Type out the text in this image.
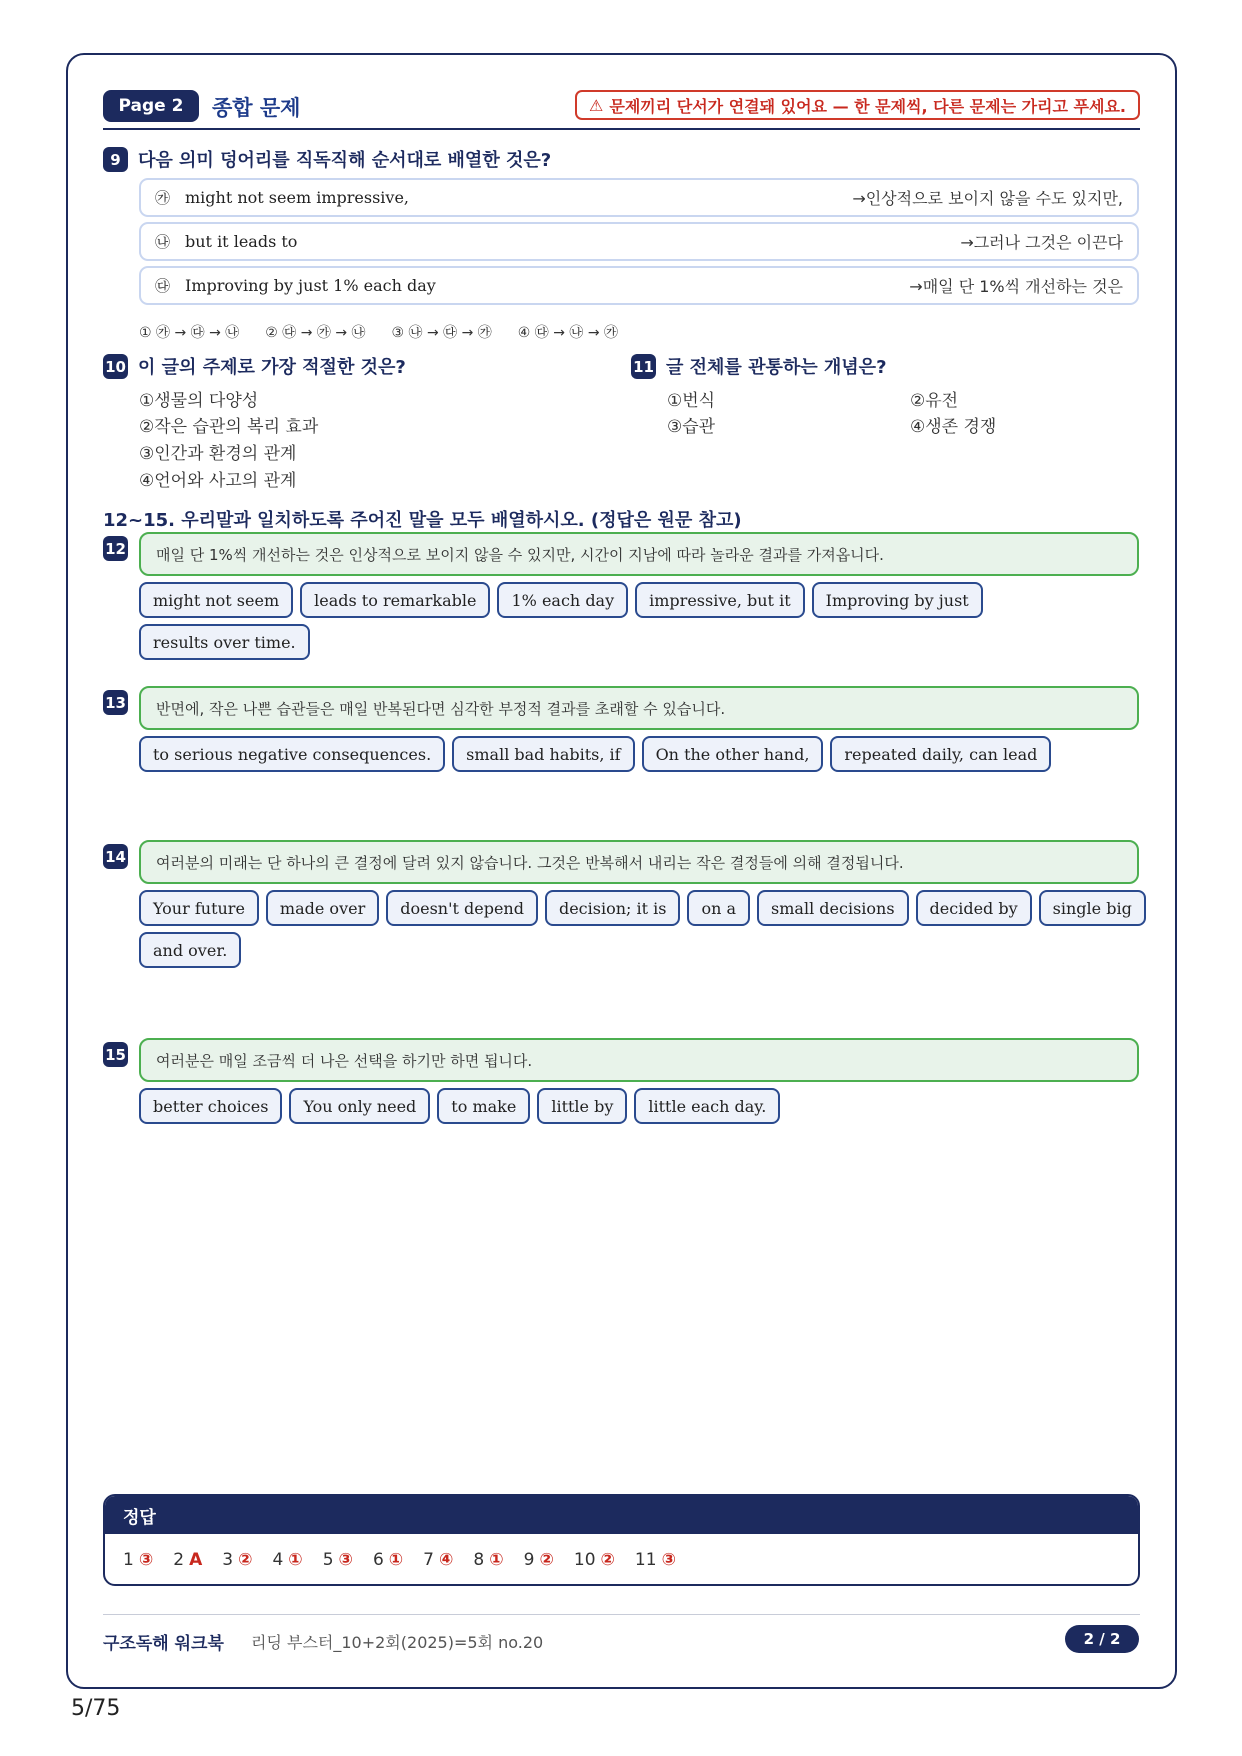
Page 2	종합 문제	⚠ 문제끼리 단서가 연결돼 있어요 — 한 문제씩, 다른 문제는 가리고 푸세요.
9 다음 의미 덩어리를 직독직해 순서대로 배열한 것은?
㉮ might not seem impressive,	→인상적으로 보이지 않을 수도 있지만,
㉯ but it leads to	→그러나 그것은 이끈다
㉰ Improving by just 1% each day	→매일 단 1%씩 개선하는 것은
① ㉮ → ㉰ → ㉯ ② ㉰ → ㉮ → ㉯ ③ ㉯ → ㉰ → ㉮ ④ ㉰ → ㉯ → ㉮
10 이 글의 주제로 가장 적절한 것은?
①생물의 다양성
②작은 습관의 복리 효과
③인간과 환경의 관계
④언어와 사고의 관계
11 글 전체를 관통하는 개념은?
①번식	②유전
③습관	④생존 경쟁
12~15. 우리말과 일치하도록 주어진 말을 모두 배열하시오. (정답은 원문 참고)
12	매일 단 1%씩 개선하는 것은 인상적으로 보이지 않을 수 있지만, 시간이 지남에 따라 놀라운 결과를 가져옵니다.
might not seem	leads to remarkable	1% each day	impressive, but it	Improving by just
results over time.
13	반면에, 작은 나쁜 습관들은 매일 반복된다면 심각한 부정적 결과를 초래할 수 있습니다.
to serious negative consequences.	small bad habits, if	On the other hand,	repeated daily, can lead
14	여러분의 미래는 단 하나의 큰 결정에 달려 있지 않습니다. 그것은 반복해서 내리는 작은 결정들에 의해 결정됩니다.
Your future	made over	doesn't depend	decision; it is	on a	small decisions	decided by	single big
and over.
15	여러분은 매일 조금씩 더 나은 선택을 하기만 하면 됩니다.
better choices	You only need	to make	little by	little each day.
정답
1 ③ 2 A 3 ② 4 ① 5 ③ 6 ① 7 ④ 8 ① 9 ② 10 ② 11 ③
구조독해 워크북 리딩 부스터_10+2회(2025)=5회 no.20	2 / 2
5/75
